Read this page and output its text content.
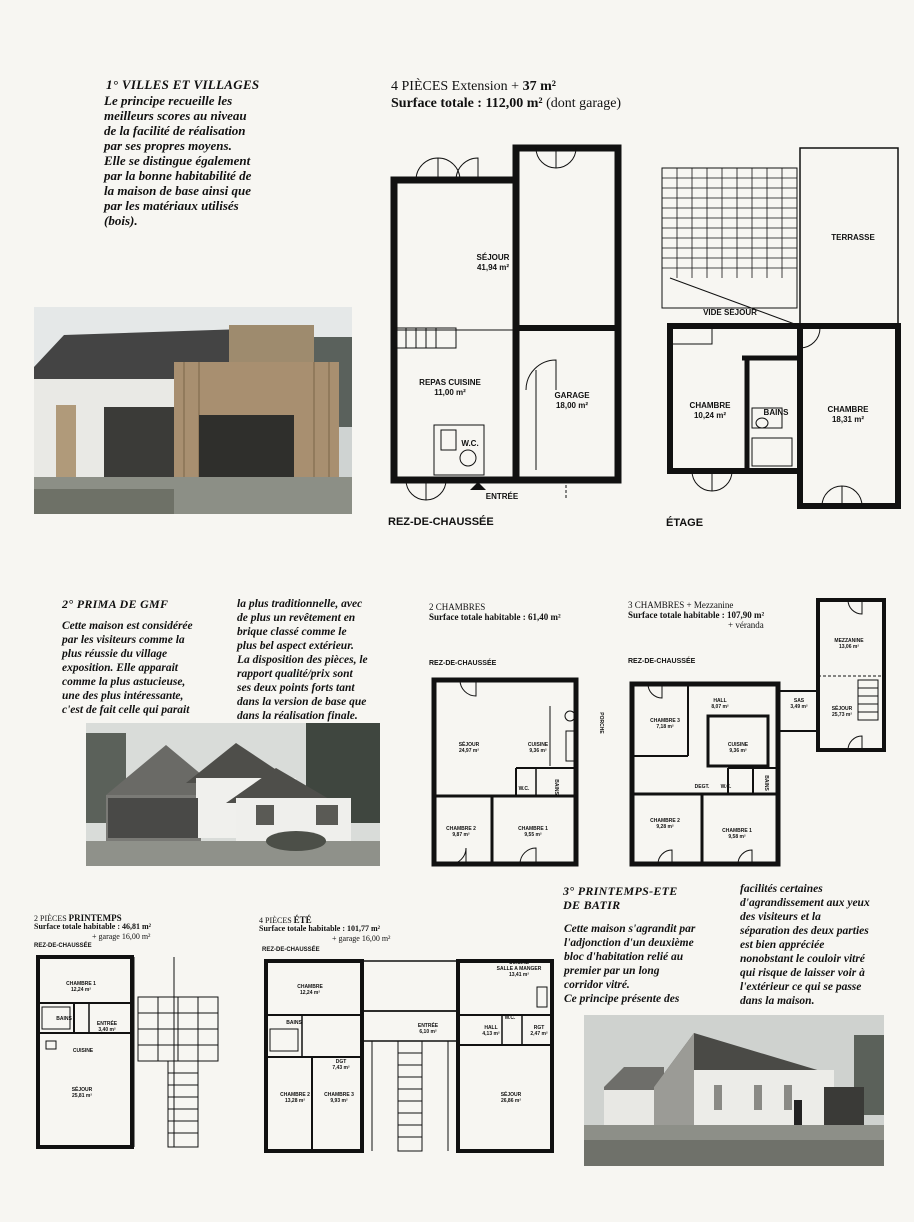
1° VILLES ET VILLAGES
Le principe recueille les
meilleurs scores au niveau
de la facilité de réalisation
par ses propres moyens.
Elle se distingue également
par la bonne habitabilité de
la maison de base ainsi que
par les matériaux utilisés
(bois).
4 PIÈCES Extension + 37 m²
Surface totale : 112,00 m² (dont garage)
SÉJOUR
41,94 m²
REPAS CUISINE
11,00 m²	GARAGE
18,00 m²
W.C.
ENTRÉE
REZ-DE-CHAUSSÉE
TERRASSE
VIDE SÉJOUR
CHAMBRE
10,24 m²	BAINS	CHAMBRE
18,31 m²
ÉTAGE
2° PRIMA DE GMF
Cette maison est considérée
par les visiteurs comme la
plus réussie du village
exposition. Elle apparait
comme la plus astucieuse,
une des plus intéressante,
c'est de fait celle qui parait
la plus traditionnelle, avec
de plus un revêtement en
brique classé comme le
plus bel aspect extérieur.
La disposition des pièces, le
rapport qualité/prix sont
ses deux points forts tant
dans la version de base que
dans la réalisation finale.
2 CHAMBRES
Surface totale habitable : 61,40 m²
REZ-DE-CHAUSSÉE
SÉJOUR
24,97 m²
CUISINE
9,36 m²
W.C.	BAINS
CHAMBRE 2
9,87 m²
CHAMBRE 1
9,55 m²
PORCHE
3 CHAMBRES + Mezzanine
Surface totale habitable : 107,90 m²
+ véranda
REZ-DE-CHAUSSÉE
MEZZANINE
13,06 m²
HALL
8,07 m²
SAS
3,49 m²	SÉJOUR
25,73 m²
CHAMBRE 3
7,18 m²
CUISINE
9,36 m²
DEGT.	W.C.	BAINS
CHAMBRE 2
9,28 m²
CHAMBRE 1
9,58 m²
3° PRINTEMPS-ETE
DE BATIR
Cette maison s'agrandit par
l'adjonction d'un deuxième
bloc d'habitation relié au
premier par un long
corridor vitré.
Ce principe présente des
facilités certaines
d'agrandissement aux yeux
des visiteurs et la
séparation des deux parties
est bien appréciée
nonobstant le couloir vitré
qui risque de laisser voir à
l'extérieur ce qui se passe
dans la maison.
2 PIÈCES PRINTEMPS
Surface totale habitable : 46,81 m²
+ garage 16,00 m²
REZ-DE-CHAUSSÉE
CHAMBRE 1
12,24 m²
BAINS
ENTRÉE
3,40 m²
CUISINE
SÉJOUR
25,81 m²
4 PIÈCES ÉTÉ
Surface totale habitable : 101,77 m²
+ garage 16,00 m²
REZ-DE-CHAUSSÉE
CHAMBRE
12,24 m²
CUISINE
SALLE A MANGER
13,41 m²
BAINS	ENTRÉE
6,10 m²
HALL
4,13 m²
W.C.
RGT
2,47 m²
DGT
7,43 m²
CHAMBRE 2
13,28 m²
CHAMBRE 3
9,93 m²
SÉJOUR
26,86 m²
